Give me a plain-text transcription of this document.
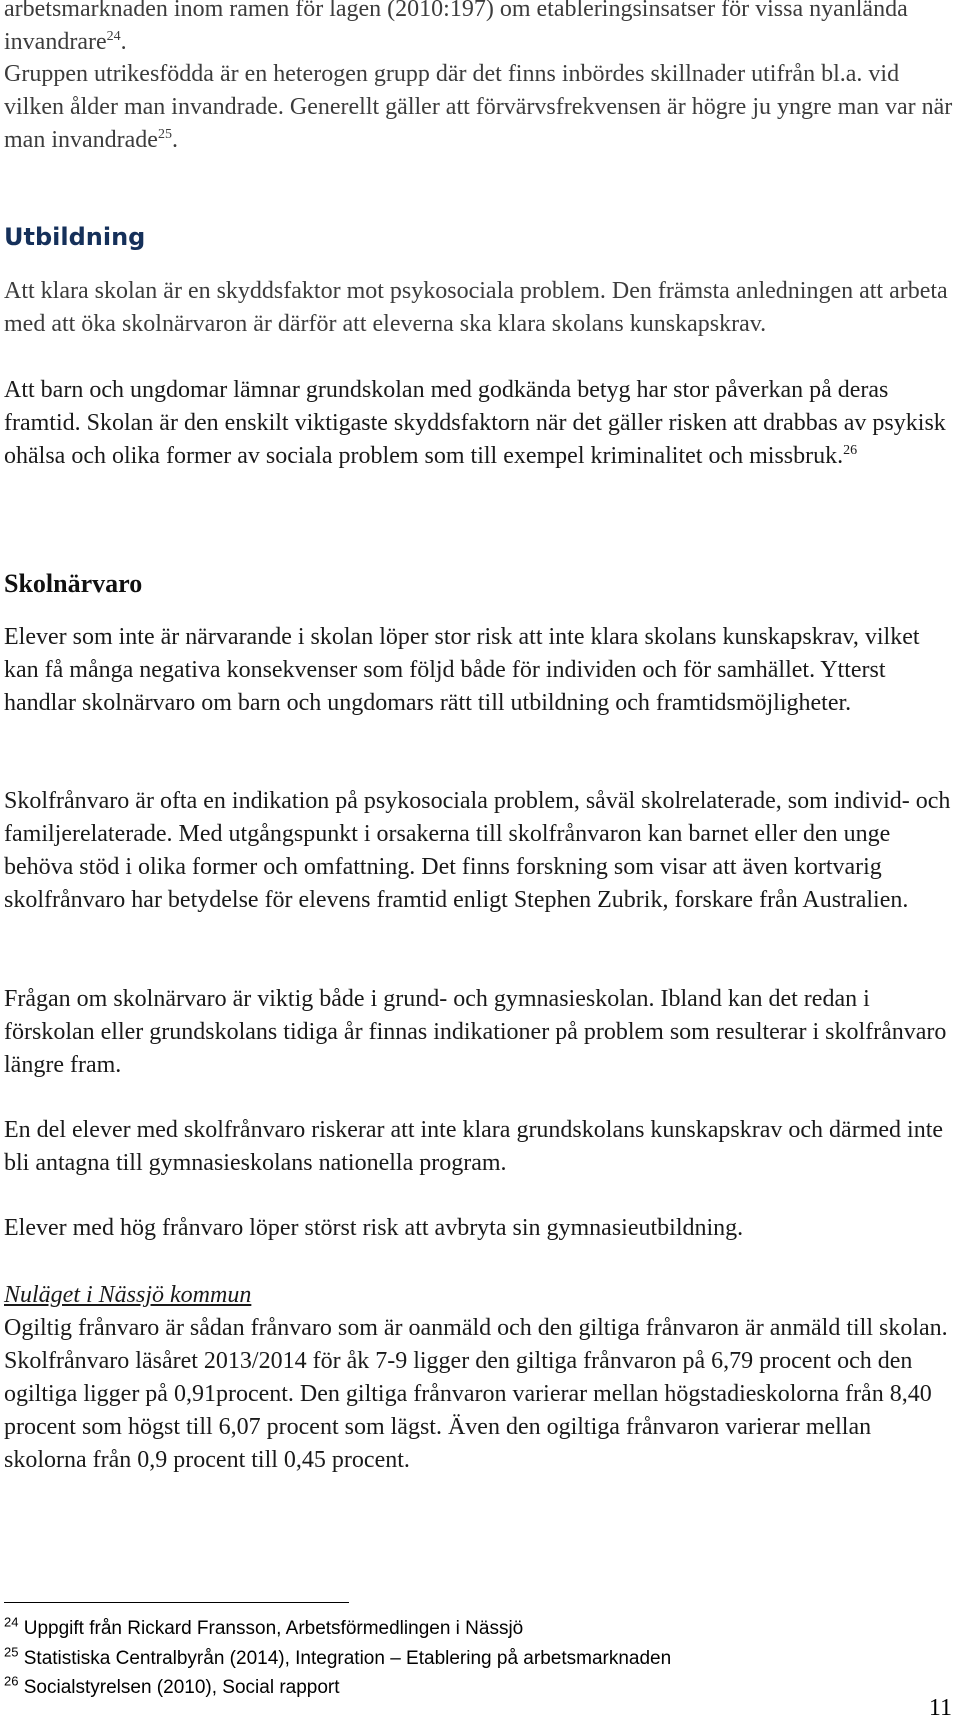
arbetsmarknaden inom ramen för lagen (2010:197) om etableringsinsatser för vissa nyanlända invandrare$^{24}$.

Gruppen utrikesfödda är en heterogen grupp där det finns inbördes skillnader utifrån bl.a. vid vilken ålder man invandrade. Generellt gäller att förvärvsfrekvensen är högre ju yngre man var när man invandrade$^{25}$.

Utbildning

Att klara skolan är en skyddsfaktor mot psykosociala problem. Den främsta anledningen att arbeta med att öka skolnärvaron är därför att eleverna ska klara skolans kunskapskrav.

Att barn och ungdomar lämnar grundskolan med godkända betyg har stor påverkan på deras framtid. Skolan är den enskilt viktigaste skyddsfaktorn när det gäller risken att drabbas av psykisk ohälsa och olika former av sociala problem som till exempel kriminalitet och missbruk.$^{26}$

Skolnärvaro

Elever som inte är närvarande i skolan löper stor risk att inte klara skolans kunskapskrav, vilket kan få många negativa konsekvenser som följd både för individen och för samhället. Ytterst handlar skolnärvaro om barn och ungdomars rätt till utbildning och framtidsmöjligheter.

Skolfrånvaro är ofta en indikation på psykosociala problem, såväl skolrelaterade, som individ- och familjerelaterade. Med utgångspunkt i orsakerna till skolfrånvaron kan barnet eller den unge behöva stöd i olika former och omfattning. Det finns forskning som visar att även kortvarig skolfrånvaro har betydelse för elevens framtid enligt Stephen Zubrik, forskare från Australien.

Frågan om skolnärvaro är viktig både i grund- och gymnasieskolan. Ibland kan det redan i förskolan eller grundskolans tidiga år finnas indikationer på problem som resulterar i skolfrånvaro längre fram.

En del elever med skolfrånvaro riskerar att inte klara grundskolans kunskapskrav och därmed inte bli antagna till gymnasieskolans nationella program.

Elever med hög frånvaro löper störst risk att avbryta sin gymnasieutbildning.

Nuläget i Nässjö kommun

Ogiltig frånvaro är sådan frånvaro som är oanmäld och den giltiga frånvaron är anmäld till skolan. Skolfrånvaro läsåret 2013/2014 för åk 7-9 ligger den giltiga frånvaron på 6,79 procent och den ogiltiga ligger på 0,91procent. Den giltiga frånvaron varierar mellan högstadieskolorna från 8,40 procent som högst till 6,07 procent som lägst. Även den ogiltiga frånvaron varierar mellan skolorna från 0,9 procent till 0,45 procent.

$^{24}$ Uppgift från Rickard Fransson, Arbetsförmedlingen i Nässjö

$^{25}$ Statistiska Centralbyrån (2014), Integration – Etablering på arbetsmarknaden

$^{26}$ Socialstyrelsen (2010), Social rapport

11
